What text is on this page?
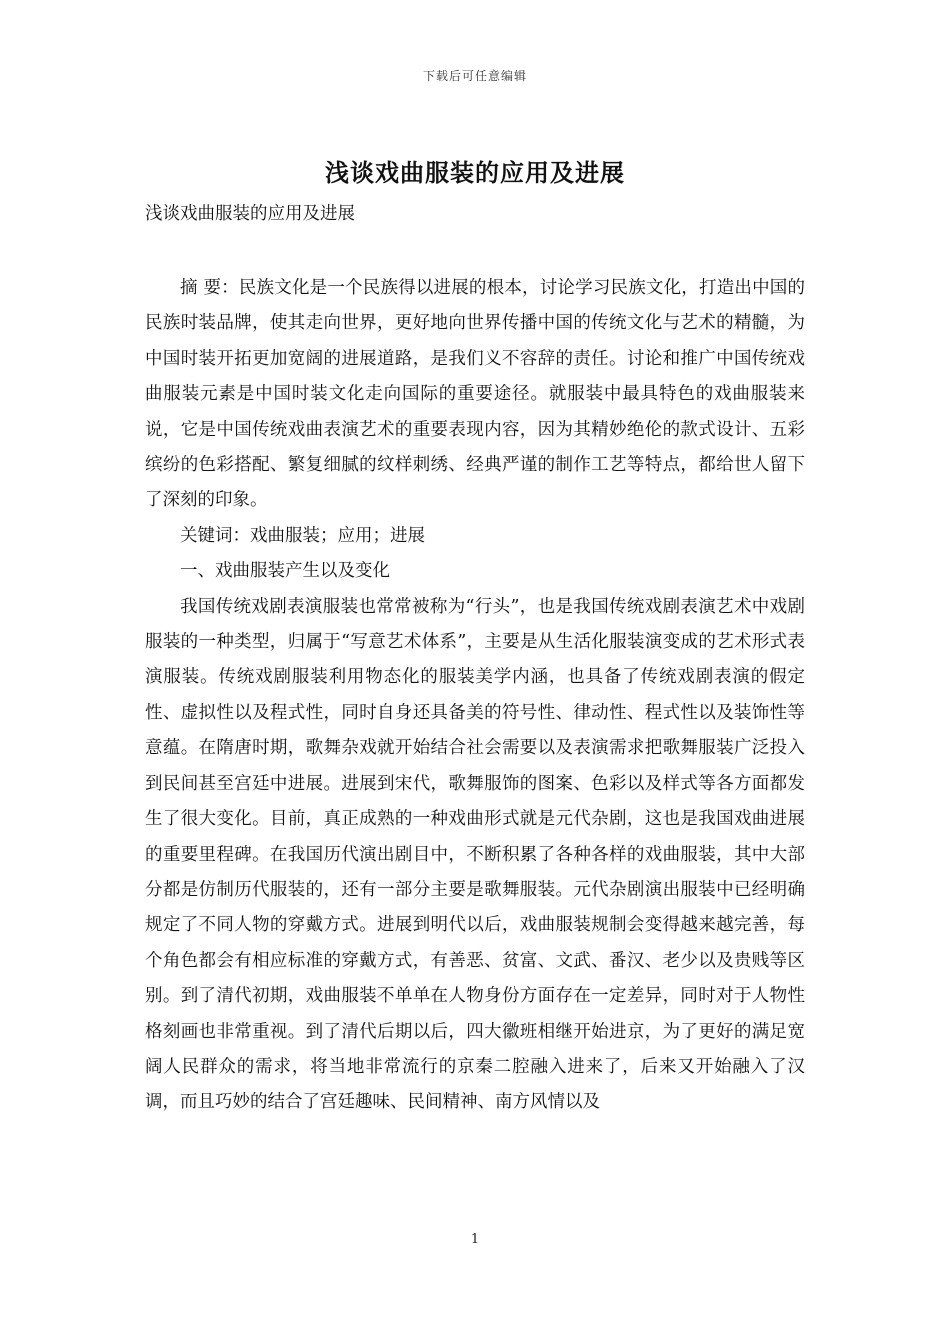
下载后可任意编辑
浅谈戏曲服装的应用及进展
浅谈戏曲服装的应用及进展

摘 要：民族文化是一个民族得以进展的根本，讨论学习民族文化，打造出中国的民族时装品牌，使其走向世界，更好地向世界传播中国的传统文化与艺术的精髓，为中国时装开拓更加宽阔的进展道路，是我们义不容辞的责任。讨论和推广中国传统戏曲服装元素是中国时装文化走向国际的重要途径。就服装中最具特色的戏曲服装来说，它是中国传统戏曲表演艺术的重要表现内容，因为其精妙绝伦的款式设计、五彩缤纷的色彩搭配、繁复细腻的纹样刺绣、经典严谨的制作工艺等特点，都给世人留下了深刻的印象。

关键词：戏曲服装；应用；进展

一、戏曲服装产生以及变化

我国传统戏剧表演服装也常常被称为“行头”，也是我国传统戏剧表演艺术中戏剧服装的一种类型，归属于“写意艺术体系”，主要是从生活化服装演变成的艺术形式表演服装。传统戏剧服装利用物态化的服装美学内涵，也具备了传统戏剧表演的假定性、虚拟性以及程式性，同时自身还具备美的符号性、律动性、程式性以及装饰性等意蕴。在隋唐时期，歌舞杂戏就开始结合社会需要以及表演需求把歌舞服装广泛投入到民间甚至宫廷中进展。进展到宋代，歌舞服饰的图案、色彩以及样式等各方面都发生了很大变化。目前，真正成熟的一种戏曲形式就是元代杂剧，这也是我国戏曲进展的重要里程碑。在我国历代演出剧目中，不断积累了各种各样的戏曲服装，其中大部分都是仿制历代服装的，还有一部分主要是歌舞服装。元代杂剧演出服装中已经明确规定了不同人物的穿戴方式。进展到明代以后，戏曲服装规制会变得越来越完善，每个角色都会有相应标准的穿戴方式，有善恶、贫富、文武、番汉、老少以及贵贱等区别。到了清代初期，戏曲服装不单单在人物身份方面存在一定差异，同时对于人物性格刻画也非常重视。到了清代后期以后，四大徽班相继开始进京，为了更好的满足宽阔人民群众的需求，将当地非常流行的京秦二腔融入进来了，后来又开始融入了汉调，而且巧妙的结合了宫廷趣味、民间精神、南方风情以及

1
